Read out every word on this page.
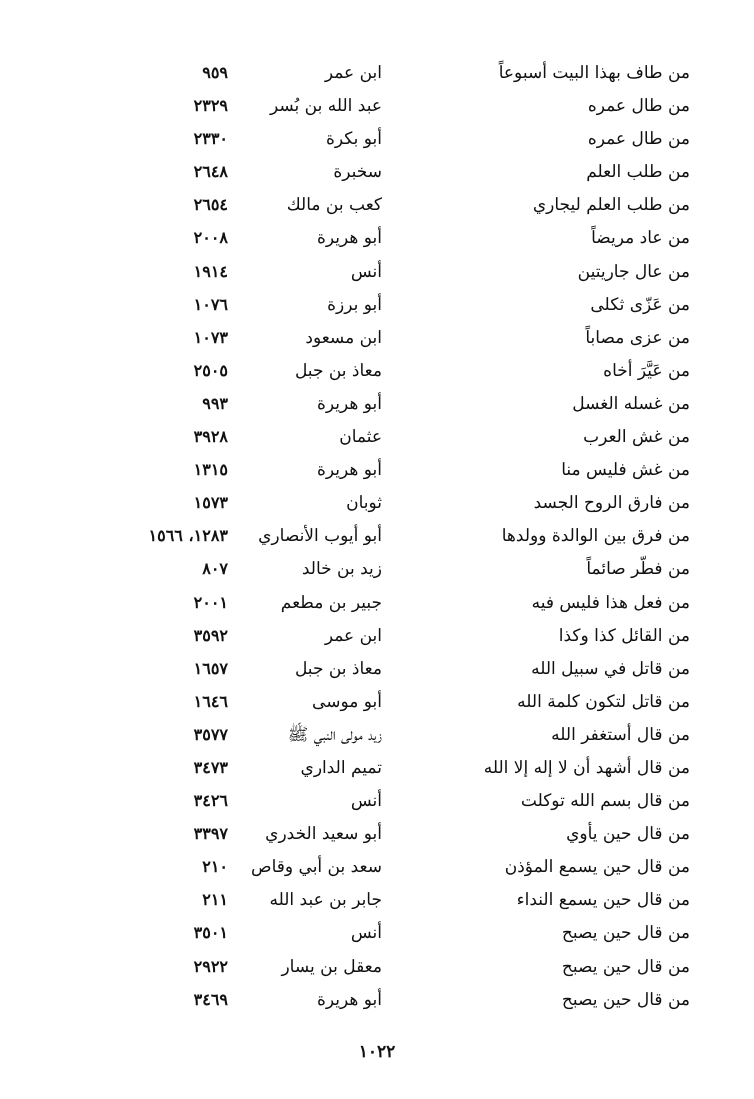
من طاف بهذا البيت أسبوعاً
ابن عمر
٩٥٩
من طال عمره
عبد الله بن بُسر
٢٣٢٩
من طال عمره
أبو بكرة
٢٣٣٠
من طلب العلم
سخبرة
٢٦٤٨
من طلب العلم ليجاري
كعب بن مالك
٢٦٥٤
من عاد مريضاً
أبو هريرة
٢٠٠٨
من عال جاريتين
أنس
١٩١٤
من عَزّى ثكلى
أبو برزة
١٠٧٦
من عزى مصاباً
ابن مسعود
١٠٧٣
من عَيَّرَ أخاه
معاذ بن جبل
٢٥٠٥
من غسله الغسل
أبو هريرة
٩٩٣
من غش العرب
عثمان
٣٩٢٨
من غش فليس منا
أبو هريرة
١٣١٥
من فارق الروح الجسد
ثوبان
١٥٧٣
من فرق بين الوالدة وولدها
أبو أيوب الأنصاري
١٢٨٣، ١٥٦٦
من فطّر صائماً
زيد بن خالد
٨٠٧
من فعل هذا فليس فيه
جبير بن مطعم
٢٠٠١
من القائل كذا وكذا
ابن عمر
٣٥٩٢
من قاتل في سبيل الله
معاذ بن جبل
١٦٥٧
من قاتل لتكون كلمة الله
أبو موسى
١٦٤٦
من قال أستغفر الله
زيد مولى النبي ﷺ
٣٥٧٧
من قال أشهد أن لا إله إلا الله
تميم الداري
٣٤٧٣
من قال بسم الله توكلت
أنس
٣٤٢٦
من قال حين يأوي
أبو سعيد الخدري
٣٣٩٧
من قال حين يسمع المؤذن
سعد بن أبي وقاص
٢١٠
من قال حين يسمع النداء
جابر بن عبد الله
٢١١
من قال حين يصبح
أنس
٣٥٠١
من قال حين يصبح
معقل بن يسار
٢٩٢٢
من قال حين يصبح
أبو هريرة
٣٤٦٩
١٠٢٢
